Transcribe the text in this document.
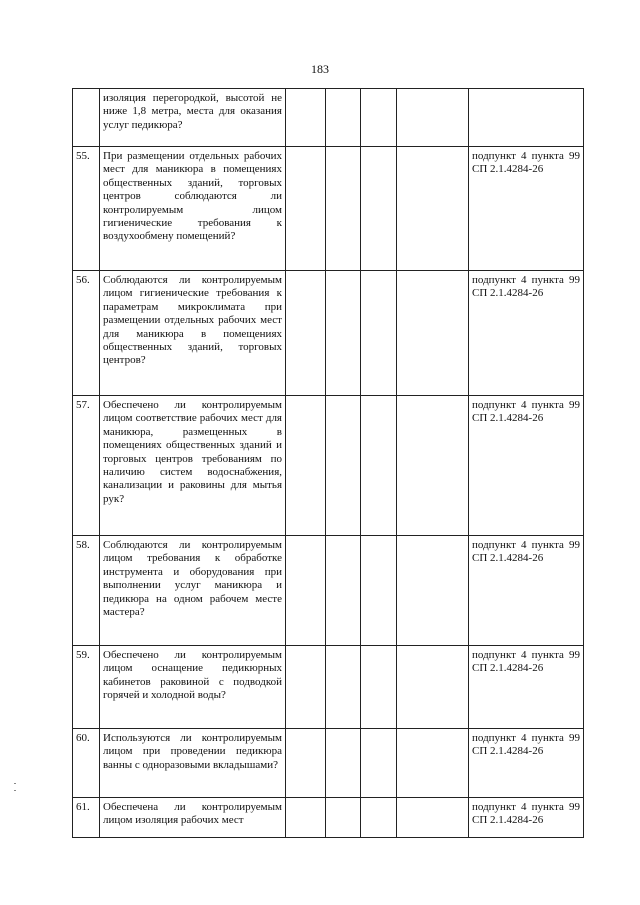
183
	изоляция перегородкой, высотой не ниже 1,8 метра, места для оказания услуг педикюра?					
55.	При размещении отдельных рабочих мест для маникюра в помещениях общественных зданий, торговых центров соблюдаются ли контролируемым лицом гигиенические требования к воздухообмену помещений?					подпункт 4 пункта 99 СП 2.1.4284-26
56.	Соблюдаются ли контролируемым лицом гигиенические требования к параметрам микроклимата при размещении отдельных рабочих мест для маникюра в помещениях общественных зданий, торговых центров?					подпункт 4 пункта 99 СП 2.1.4284-26
57.	Обеспечено ли контролируемым лицом соответствие рабочих мест для маникюра, размещенных в помещениях общественных зданий и торговых центров требованиям по наличию систем водоснабжения, канализации и раковины для мытья рук?					подпункт 4 пункта 99 СП 2.1.4284-26
58.	Соблюдаются ли контролируемым лицом требования к обработке инструмента и оборудования при выполнении услуг маникюра и педикюра на одном рабочем месте мастера?					подпункт 4 пункта 99 СП 2.1.4284-26
59.	Обеспечено ли контролируемым лицом оснащение педикюрных кабинетов раковиной с подводкой горячей и холодной воды?					подпункт 4 пункта 99 СП 2.1.4284-26
60.	Используются ли контролируемым лицом при проведении педикюра ванны с одноразовыми вкладышами?					подпункт 4 пункта 99 СП 2.1.4284-26
61.	Обеспечена ли контролируемым лицом изоляция рабочих мест					подпункт 4 пункта 99 СП 2.1.4284-26
